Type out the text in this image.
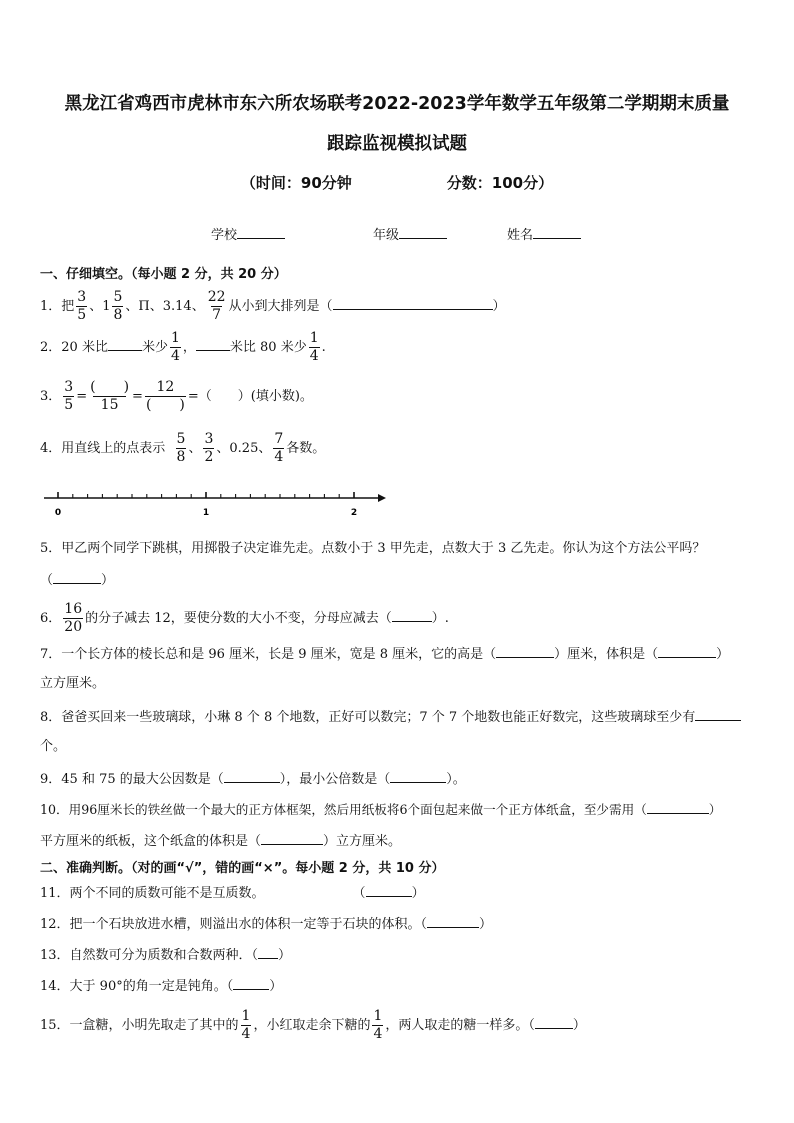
黑龙江省鸡西市虎林市东六所农场联考2022-2023学年数学五年级第二学期期末质量
跟踪监视模拟试题
（时间：90分钟	分数：100分）
学校	年级	姓名
一、仔细填空。（每小题 2 分，共 20 分）
1．把 $\frac{3}{5}$ 、$1 \frac{5}{8}$ 、Π、3.14、 $\frac{22}{7}$ 从小到大排列是（	）
2．20 米比	米少 $\frac{1}{4}$ ，	米比 80 米少 $\frac{1}{4}$ .
3． $\frac{3}{5} = \frac{( )}{15} = \frac{12}{( )}$ =（　　）(填小数)。
4．用直线上的点表示 $\frac{5}{8}$ 、 $\frac{3}{2}$ 、0.25、 $\frac{7}{4}$ 各数。
0	1	2
5．甲乙两个同学下跳棋，用掷骰子决定谁先走。点数小于 3 甲先走，点数大于 3 乙先走。你认为这个方法公平吗？
（	）
6． $\frac{16}{20}$ 的分子减去 12，要使分数的大小不变，分母应减去（	）.
7．一个长方体的棱长总和是 96 厘米，长是 9 厘米，宽是 8 厘米，它的高是（	）厘米，体积是（	）
立方厘米。
8．爸爸买回来一些玻璃球，小琳 8 个 8 个地数，正好可以数完；7 个 7 个地数也能正好数完，这些玻璃球至少有
个。
9．45 和 75 的最大公因数是（	），最小公倍数是（	）。
10．用96厘米长的铁丝做一个最大的正方体框架，然后用纸板将6个面包起来做一个正方体纸盒，至少需用（	）
平方厘米的纸板，这个纸盒的体积是（	）立方厘米。
二、准确判断。（对的画“√”，错的画“×”。每小题 2 分，共 10 分）
11．两个不同的质数可能不是互质数。	（	）
12．把一个石块放进水槽，则溢出水的体积一定等于石块的体积。（	）
13．自然数可分为质数和合数两种．（ ）
14．大于 90°的角一定是钝角。（	）
15．一盒糖，小明先取走了其中的 $\frac{1}{4}$ ，小红取走余下糖的 $\frac{1}{4}$ ，两人取走的糖一样多。（	）
